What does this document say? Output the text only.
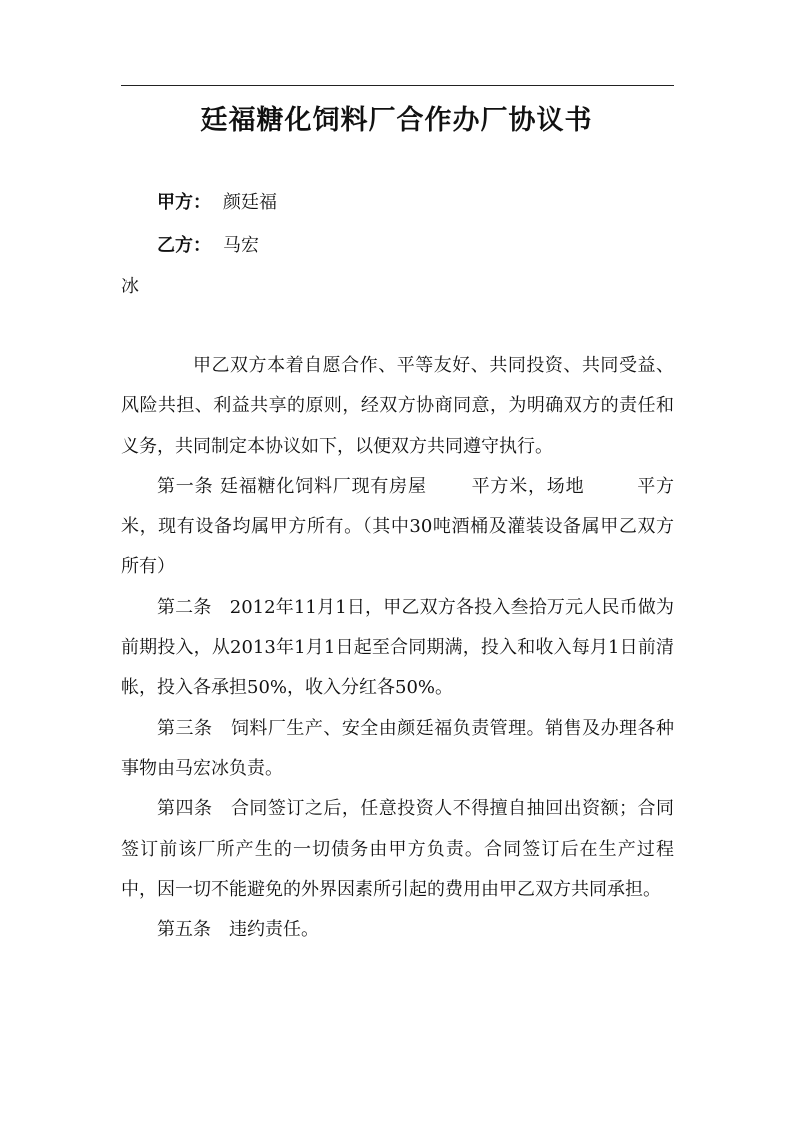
廷福糖化饲料厂合作办厂协议书
甲方： 颜廷福
乙方： 马宏
冰

甲乙双方本着自愿合作、平等友好、共同投资、共同受益、风险共担、利益共享的原则，经双方协商同意，为明确双方的责任和义务，共同制定本协议如下，以便双方共同遵守执行。

第一条 廷福糖化饲料厂现有房屋 平方米，场地	平方米，现有设备均属甲方所有。（其中30吨酒桶及灌装设备属甲乙双方所有）

第二条　 2012年11月1日，甲乙双方各投入叁拾万元人民币做为前期投入，从2013年1月1日起至合同期满，投入和收入每月1日前清帐，投入各承担50%，收入分红各50%。

第三条　 饲料厂生产、安全由颜廷福负责管理。销售及办理各种事物由马宏冰负责。

第四条　 合同签订之后，任意投资人不得擅自抽回出资额；合同签订前该厂所产生的一切债务由甲方负责。合同签订后在生产过程中，因一切不能避免的外界因素所引起的费用由甲乙双方共同承担。

第五条　 违约责任。
